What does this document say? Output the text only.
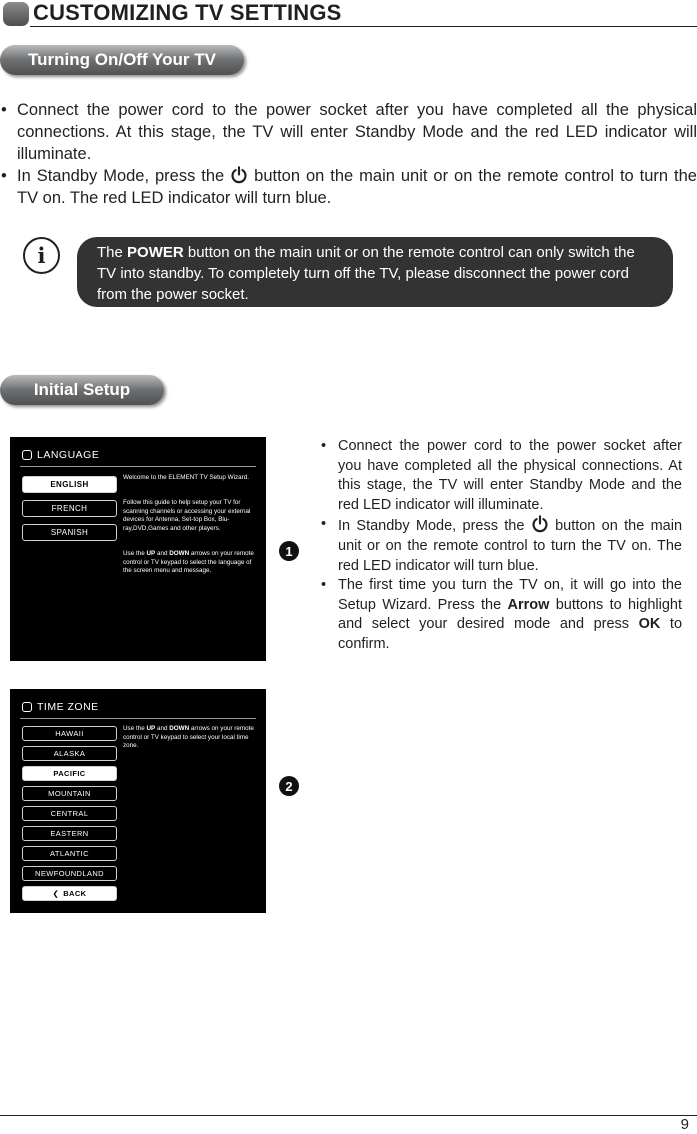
CUSTOMIZING TV SETTINGS
Turning On/Off Your TV
• Connect the power cord to the power socket after you have completed all the physical connections. At this stage, the TV will enter Standby Mode and the red LED indicator will illuminate.
• In Standby Mode, press the button on the main unit or on the remote control to turn the TV on. The red LED indicator will turn blue.
i	The POWER button on the main unit or on the remote control can only switch the TV into standby. To completely turn off the TV, please disconnect the power cord from the power socket.
Initial Setup
LANGUAGE
ENGLISH
FRENCH
SPANISH
Welcome to the ELEMENT TV Setup Wizard.
Follow this guide to help setup your TV for scanning channels or accessing your external devices for Antenna, Set-top Box, Blu-ray,DVD,Games and other players.
Use the UP and DOWN arrows on your remote control or TV keypad to select the language of the screen menu and message.
TIME ZONE
HAWAII
ALASKA
PACIFIC
MOUNTAIN
CENTRAL
EASTERN
ATLANTIC
NEWFOUNDLAND
❮ BACK
Use the UP and DOWN arrows on your remote control or TV keypad to select your local time zone.
1
2
• Connect the power cord to the power socket after you have completed all the physical connections. At this stage, the TV will enter Standby Mode and the red LED indicator will illuminate.
• In Standby Mode, press the button on the main unit or on the remote control to turn the TV on. The red LED indicator will turn blue.
• The first time you turn the TV on, it will go into the Setup Wizard. Press the Arrow buttons to highlight and select your desired mode and press OK to confirm.
9
